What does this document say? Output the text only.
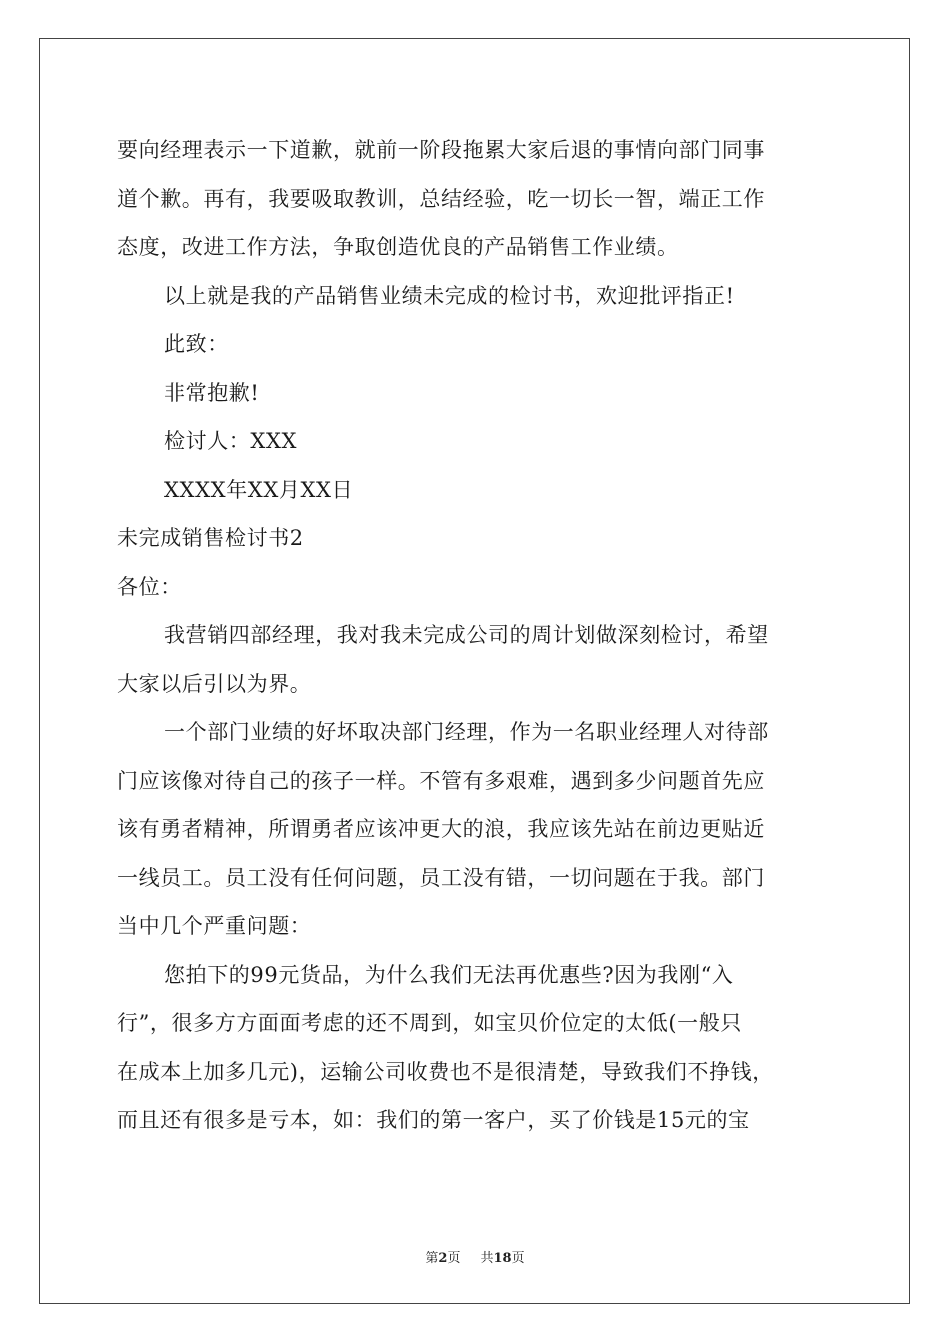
要向经理表示一下道歉，就前一阶段拖累大家后退的事情向部门同事
道个歉。再有，我要吸取教训，总结经验，吃一切长一智，端正工作
态度，改进工作方法，争取创造优良的产品销售工作业绩。
以上就是我的产品销售业绩未完成的检讨书，欢迎批评指正!
此致：
非常抱歉!
检讨人：XXX
XXXX年XX月XX日
未完成销售检讨书2
各位：
我营销四部经理，我对我未完成公司的周计划做深刻检讨，希望
大家以后引以为界。
一个部门业绩的好坏取决部门经理，作为一名职业经理人对待部
门应该像对待自己的孩子一样。不管有多艰难，遇到多少问题首先应
该有勇者精神，所谓勇者应该冲更大的浪，我应该先站在前边更贴近
一线员工。员工没有任何问题，员工没有错，一切问题在于我。部门
当中几个严重问题：
您拍下的99元货品，为什么我们无法再优惠些?因为我刚“入
行”，很多方方面面考虑的还不周到，如宝贝价位定的太低(一般只
在成本上加多几元)，运输公司收费也不是很清楚，导致我们不挣钱，
而且还有很多是亏本，如：我们的第一客户，买了价钱是15元的宝
第2页 共18页
